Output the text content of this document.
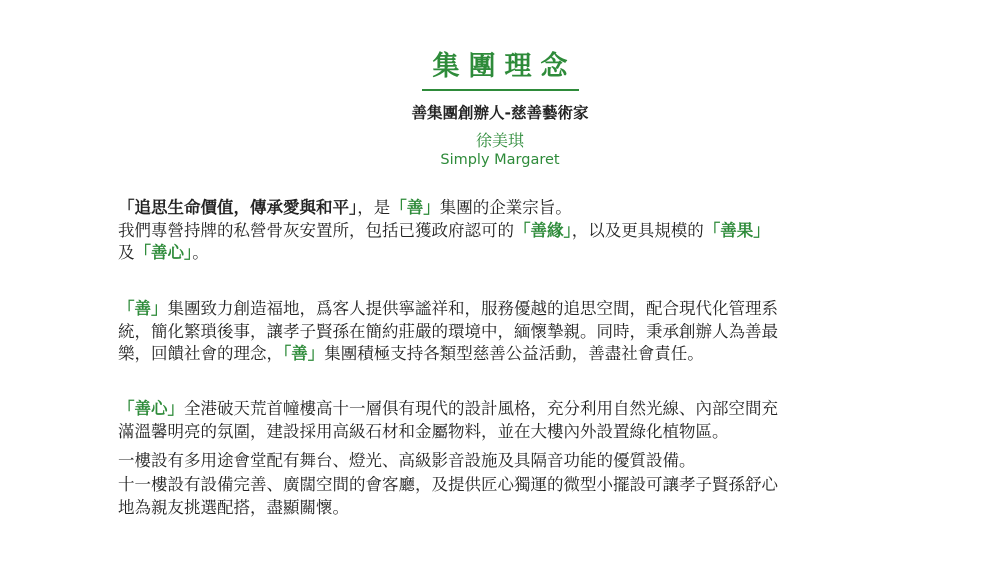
集團理念
善集團創辦人-慈善藝術家
徐美琪
Simply Margaret
「追思生命價值，傳承愛與和平」，是「善」集團的企業宗旨。
我們專營持牌的私營骨灰安置所，包括已獲政府認可的「善緣」，以及更具規模的「善果」
及「善心」。
「善」集團致力創造福地，爲客人提供寧謐祥和，服務優越的追思空間，配合現代化管理系
統，簡化繁瑣後事，讓孝子賢孫在簡約莊嚴的環境中，緬懷摯親。同時，秉承創辦人為善最
樂，回饋社會的理念，「善」集團積極支持各類型慈善公益活動，善盡社會責任。
「善心」全港破天荒首幢樓高十一層俱有現代的設計風格，充分利用自然光線、內部空間充
滿溫馨明亮的氛圍，建設採用高級石材和金屬物料，並在大樓內外設置綠化植物區。
一樓設有多用途會堂配有舞台、燈光、高級影音設施及具隔音功能的優質設備。
十一樓設有設備完善、廣闊空間的會客廳，及提供匠心獨運的微型小擺設可讓孝子賢孫舒心
地為親友挑選配搭，盡顯關懷。
